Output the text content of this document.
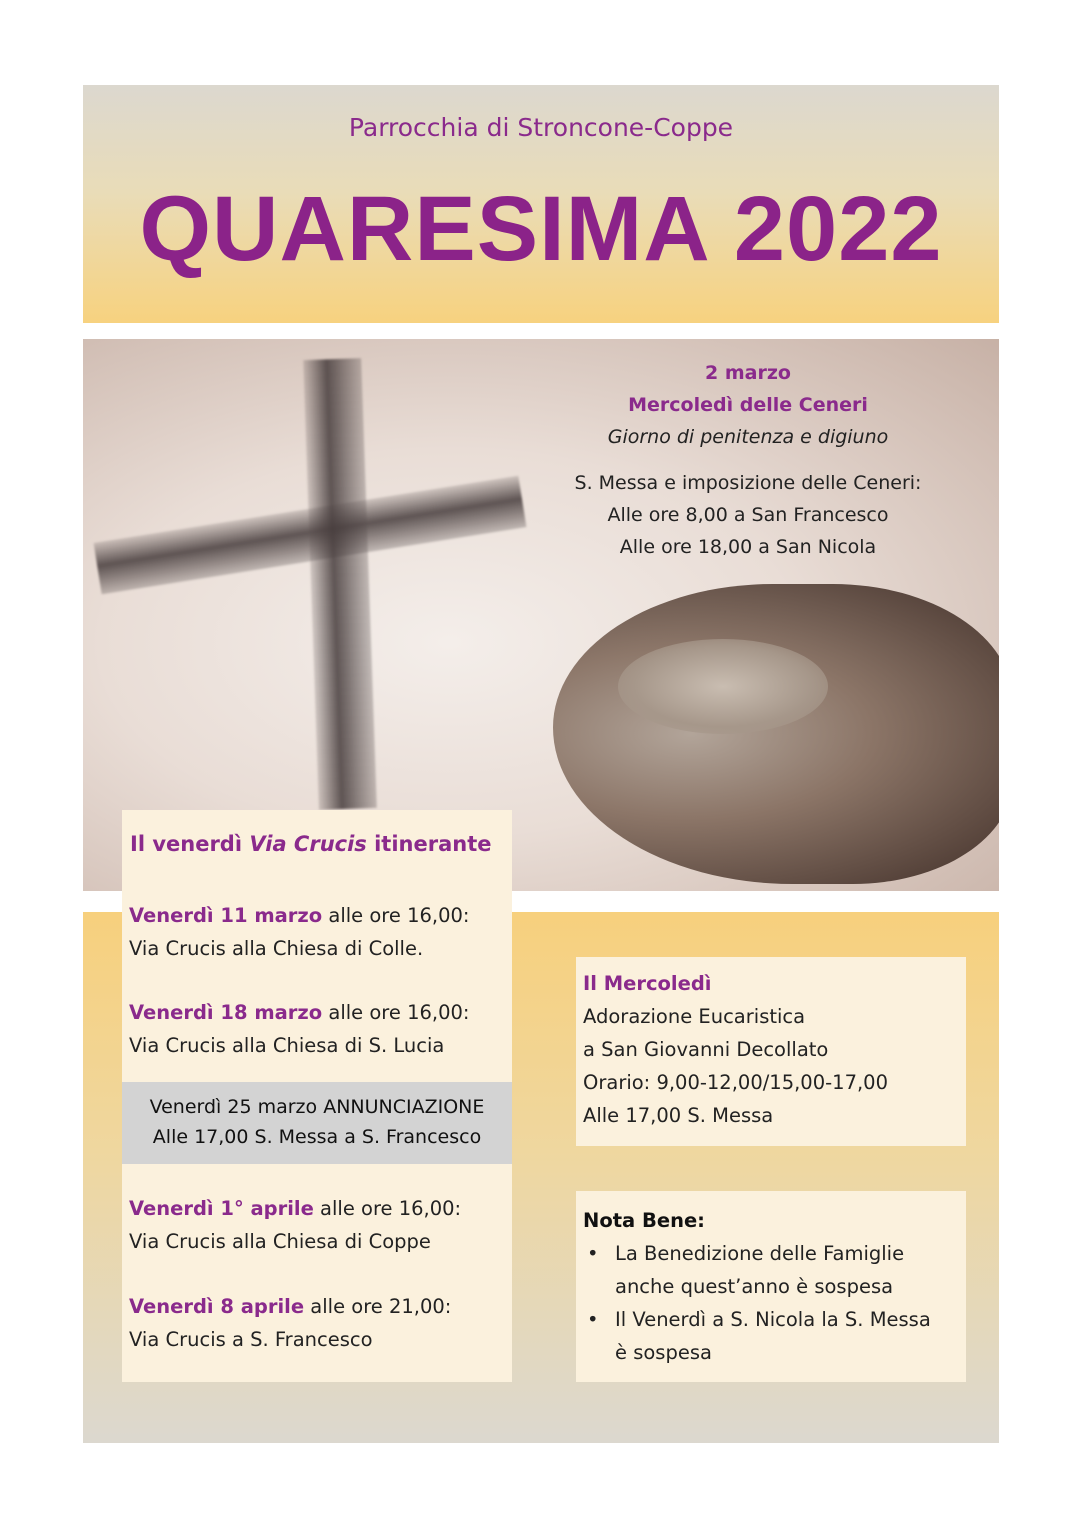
Parrocchia di Stroncone-Coppe
QUARESIMA 2022
2 marzo
Mercoledì delle Ceneri
Giorno di penitenza e digiuno
S. Messa e imposizione delle Ceneri:
Alle ore 8,00 a San Francesco
Alle ore 18,00 a San Nicola
Il venerdì Via Crucis itinerante
Venerdì 11 marzo alle ore 16,00:
Via Crucis alla Chiesa di Colle.
Venerdì 18 marzo alle ore 16,00:
Via Crucis alla Chiesa di S. Lucia
Venerdì 25 marzo ANNUNCIAZIONE
Alle 17,00 S. Messa a S. Francesco
Venerdì 1° aprile alle ore 16,00:
Via Crucis alla Chiesa di Coppe
Venerdì 8 aprile alle ore 21,00:
Via Crucis a S. Francesco
Il Mercoledì
Adorazione Eucaristica
a San Giovanni Decollato
Orario: 9,00-12,00/15,00-17,00
Alle 17,00 S. Messa
Nota Bene:
• La Benedizione delle Famiglie
anche quest’anno è sospesa
• Il Venerdì a S. Nicola la S. Messa
è sospesa
